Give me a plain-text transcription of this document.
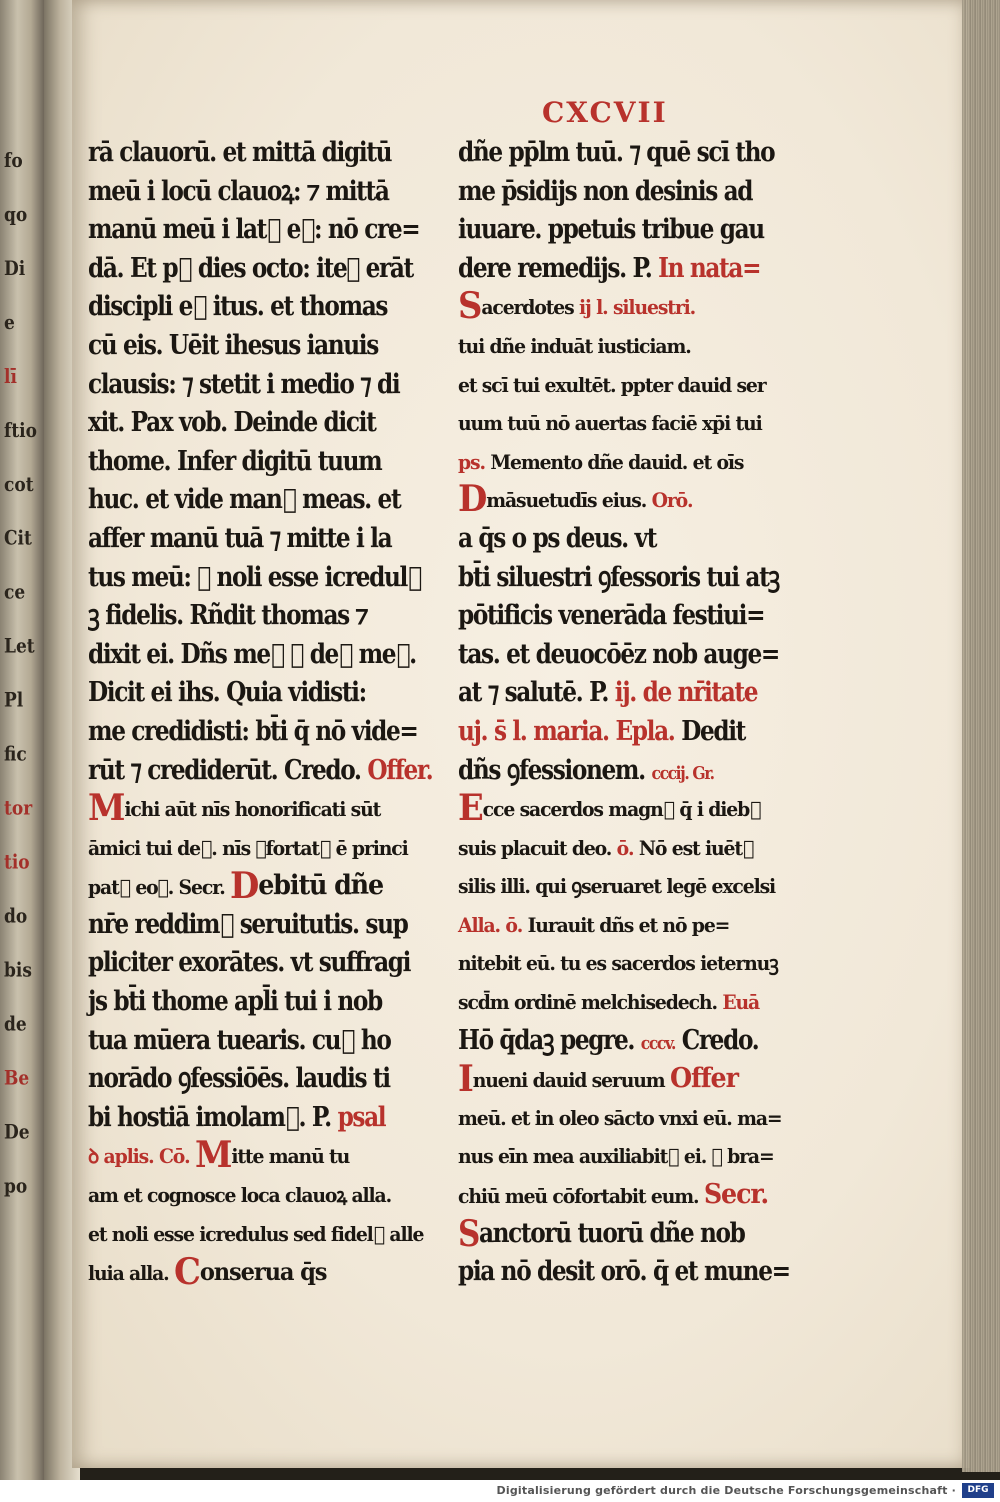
fo
qo
Di
e
lī
ftio
cot
Cit
ce
Let
Pl
fic
tor
tio
do
bis
de
Be
De
po
CXCVII
rā clauorū. et mittā digitū
meū i locū clauoꝝ: ⁊ mittā
manū meū i lat᷒ e᷒: nō cre=
dā. Et p᷒ dies octo: iteꝝ erāt
discipli e᷒ itus. et thomas
cū eis. Uēit ihesus ianuis
clausis: ⁊ stetit i medio ⁊ di
xit. Pax vob. Deinde dicit
thome. Infer digitū tuum
huc. et vide man᷒ meas. et
affer manū tuā ⁊ mitte i la
tus meū: ⁊ noli esse icredul᷒
ꝫ fidelis. Rñdit thomas ⁊
dixit ei. Dñs me᷒ ⁊ de᷒ me᷒.
Dicit ei ihs. Quia vidisti:
me credidisti: bt̄i q̄ nō vide=
rūt ⁊ crediderūt. Credo. Offer.
Michi aūt nīs honorificati sūt
āmici tui de᷒. nīs ꝯfortat᷒ ē princi
pat᷒ eoꝝ. Secr. Debitū dñe
nr̄e reddim᷒ seruitutis. sup
pliciter exorātes. vt suffragi
js bt̄i thome apl̄i tui i nob
tua mūera tuearis. cu᷒ ho
norādo ꝯfessiōēs. laudis ti
bi hostiā imolam᷒. P. psal
ꝺ aplis. Cō. Mitte manū tu
am et cognosce loca clauoꝝ alla.
et noli esse icredulus sed fidel᷒ alle
luia alla. Conserua q̄s
dñe pp̄lm tuū. ⁊ quē scī tho
me p̄sidijs non desinis ad
iuuare. ppetuis tribue gau
dere remedijs. P. In nata=
Sacerdotes ij l. siluestri.
tui dñe induāt iusticiam.
et scī tui exultēt. ppter dauid ser
uum tuū nō auertas faciē xp̄i tui
ps. Memento dñe dauid. et oīs
Dmāsuetudīs eius. Orō.
a q̄s o ps deus. vt
bt̄i siluestri ꝯfessoris tui atꝫ
pōtificis venerāda festiui=
tas. et deuocōēz nob auge=
at ⁊ salutē. P. ij. de nr̄itate
uj. s̄ l. maria. Epla. Dedit
dñs ꝯfessionem. cccij. Gr.
Ecce sacerdos magn᷒ q̄ i dieb᷒
suis placuit deo. ō. Nō est iuēt᷒
silis illi. qui ꝯseruaret legē excelsi
Alla. ō. Iurauit dñs et nō pe=
nitebit eū. tu es sacerdos ieternuꝫ
scd̄m ordinē melchisedech. Euā
Hō q̄daꝫ pegre. cccv. Credo.
Inueni dauid seruum Offer
meū. et in oleo sācto vnxi eū. ma=
nus eīn mea auxiliabit᷒ ei. ⁊ bra=
chiū meū cōfortabit eum. Secr.
Sanctorū tuorū dñe nob
pia nō desit orō. q̄ et mune=
Digitalisierung gefördert durch die Deutsche Forschungsgemeinschaft ·	DFG
